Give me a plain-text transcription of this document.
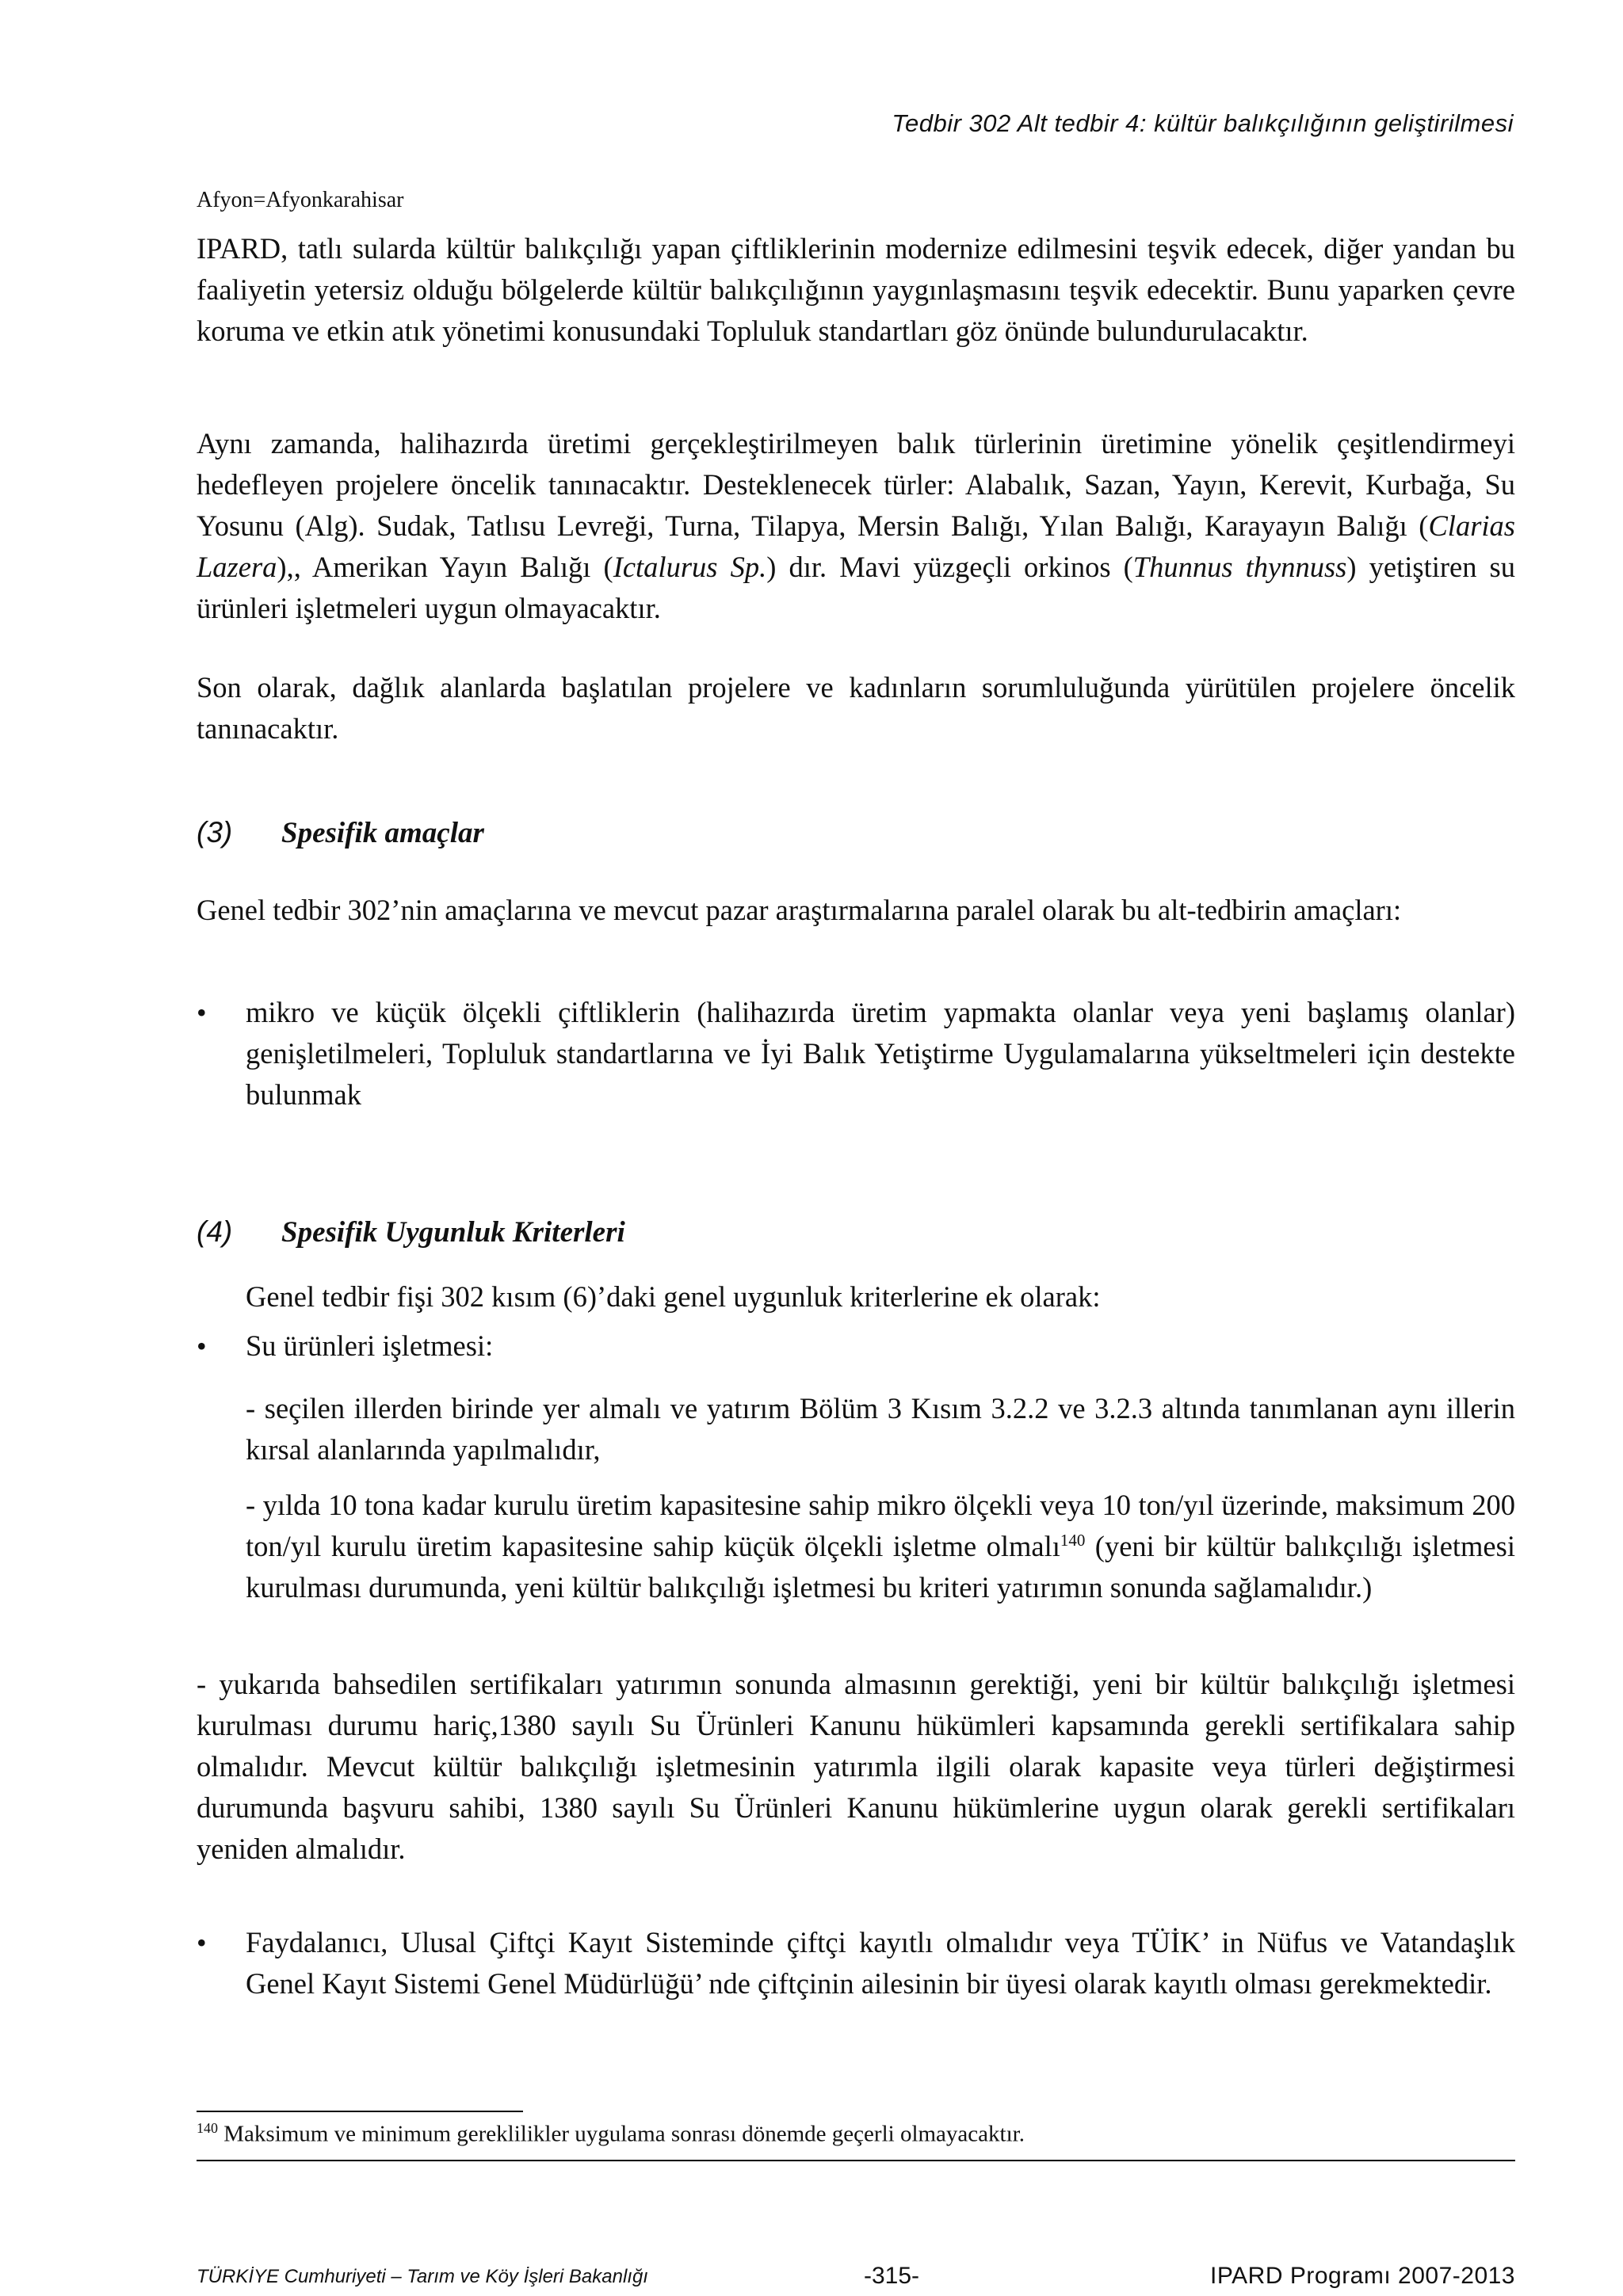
Tedbir 302 Alt tedbir 4: kültür balıkçılığının geliştirilmesi
Afyon=Afyonkarahisar

IPARD, tatlı sularda kültür balıkçılığı yapan çiftliklerinin modernize edilmesini teşvik edecek, diğer yandan bu faaliyetin yetersiz olduğu bölgelerde kültür balıkçılığının yaygınlaşmasını teşvik edecektir. Bunu yaparken çevre koruma ve etkin atık yönetimi konusundaki Topluluk standartları göz önünde bulundurulacaktır.

Aynı zamanda, halihazırda üretimi gerçekleştirilmeyen balık türlerinin üretimine yönelik çeşitlendirmeyi hedefleyen projelere öncelik tanınacaktır. Desteklenecek türler: Alabalık, Sazan, Yayın, Kerevit, Kurbağa, Su Yosunu (Alg). Sudak, Tatlısu Levreği, Turna, Tilapya, Mersin Balığı, Yılan Balığı, Karayayın Balığı (Clarias Lazera),, Amerikan Yayın Balığı (Ictalurus Sp.) dır. Mavi yüzgeçli orkinos (Thunnus thynnuss) yetiştiren su ürünleri işletmeleri uygun olmayacaktır.

Son olarak, dağlık alanlarda başlatılan projelere ve kadınların sorumluluğunda yürütülen projelere öncelik tanınacaktır.

(3) Spesifik amaçlar

Genel tedbir 302’nin amaçlarına ve mevcut pazar araştırmalarına paralel olarak bu alt-tedbirin amaçları:

• mikro ve küçük ölçekli çiftliklerin (halihazırda üretim yapmakta olanlar veya yeni başlamış olanlar) genişletilmeleri, Topluluk standartlarına ve İyi Balık Yetiştirme Uygulamalarına yükseltmeleri için destekte bulunmak

(4) Spesifik Uygunluk Kriterleri

Genel tedbir fişi 302 kısım (6)’daki genel uygunluk kriterlerine ek olarak:

• Su ürünleri işletmesi:

- seçilen illerden birinde yer almalı ve yatırım Bölüm 3 Kısım 3.2.2 ve 3.2.3 altında tanımlanan aynı illerin kırsal alanlarında yapılmalıdır,

- yılda 10 tona kadar kurulu üretim kapasitesine sahip mikro ölçekli veya 10 ton/yıl üzerinde, maksimum 200 ton/yıl kurulu üretim kapasitesine sahip küçük ölçekli işletme olmalı$^{140}$ (yeni bir kültür balıkçılığı işletmesi kurulması durumunda, yeni kültür balıkçılığı işletmesi bu kriteri yatırımın sonunda sağlamalıdır.)

- yukarıda bahsedilen sertifikaları yatırımın sonunda almasının gerektiği, yeni bir kültür balıkçılığı işletmesi kurulması durumu hariç,1380 sayılı Su Ürünleri Kanunu hükümleri kapsamında gerekli sertifikalara sahip olmalıdır. Mevcut kültür balıkçılığı işletmesinin yatırımla ilgili olarak kapasite veya türleri değiştirmesi durumunda başvuru sahibi, 1380 sayılı Su Ürünleri Kanunu hükümlerine uygun olarak gerekli sertifikaları yeniden almalıdır.

• Faydalanıcı, Ulusal Çiftçi Kayıt Sisteminde çiftçi kayıtlı olmalıdır veya TÜİK’ in Nüfus ve Vatandaşlık Genel Kayıt Sistemi Genel Müdürlüğü’ nde çiftçinin ailesinin bir üyesi olarak kayıtlı olması gerekmektedir.

$^{140}$ Maksimum ve minimum gereklilikler uygulama sonrası dönemde geçerli olmayacaktır.
TÜRKİYE Cumhuriyeti – Tarım ve Köy İşleri Bakanlığı	-315-	IPARD Programı 2007-2013
